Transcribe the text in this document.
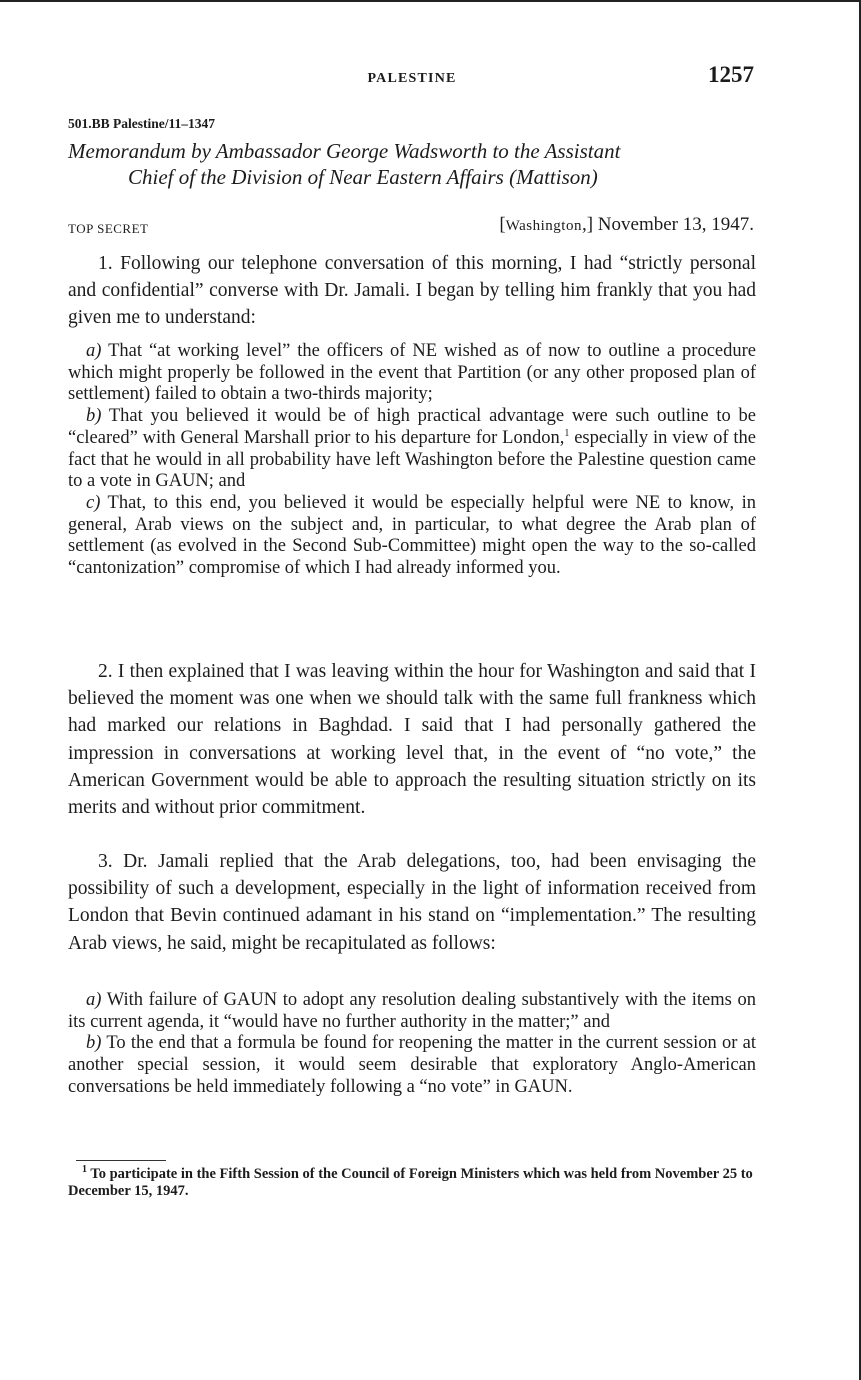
PALESTINE	1257
501.BB Palestine/11–1347
Memorandum by Ambassador George Wadsworth to the Assistant
Chief of the Division of Near Eastern Affairs (Mattison)
TOP SECRET	[Washington,] November 13, 1947.

1. Following our telephone conversation of this morning, I had “strictly personal and confidential” converse with Dr. Jamali. I began by telling him frankly that you had given me to understand:

a) That “at working level” the officers of NE wished as of now to outline a procedure which might properly be followed in the event that Partition (or any other proposed plan of settlement) failed to obtain a two-thirds majority;

b) That you believed it would be of high practical advantage were such outline to be “cleared” with General Marshall prior to his departure for London,$^1$ especially in view of the fact that he would in all probability have left Washington before the Palestine question came to a vote in GAUN; and

c) That, to this end, you believed it would be especially helpful were NE to know, in general, Arab views on the subject and, in particular, to what degree the Arab plan of settlement (as evolved in the Second Sub-Committee) might open the way to the so-called “cantonization” compromise of which I had already informed you.

2. I then explained that I was leaving within the hour for Washington and said that I believed the moment was one when we should talk with the same full frankness which had marked our relations in Baghdad. I said that I had personally gathered the impression in conversations at working level that, in the event of “no vote,” the American Government would be able to approach the resulting situation strictly on its merits and without prior commitment.

3. Dr. Jamali replied that the Arab delegations, too, had been envisaging the possibility of such a development, especially in the light of information received from London that Bevin continued adamant in his stand on “implementation.” The resulting Arab views, he said, might be recapitulated as follows:

a) With failure of GAUN to adopt any resolution dealing substantively with the items on its current agenda, it “would have no further authority in the matter;” and

b) To the end that a formula be found for reopening the matter in the current session or at another special session, it would seem desirable that exploratory Anglo-American conversations be held immediately following a “no vote” in GAUN.

$^1$ To participate in the Fifth Session of the Council of Foreign Ministers which was held from November 25 to December 15, 1947.
